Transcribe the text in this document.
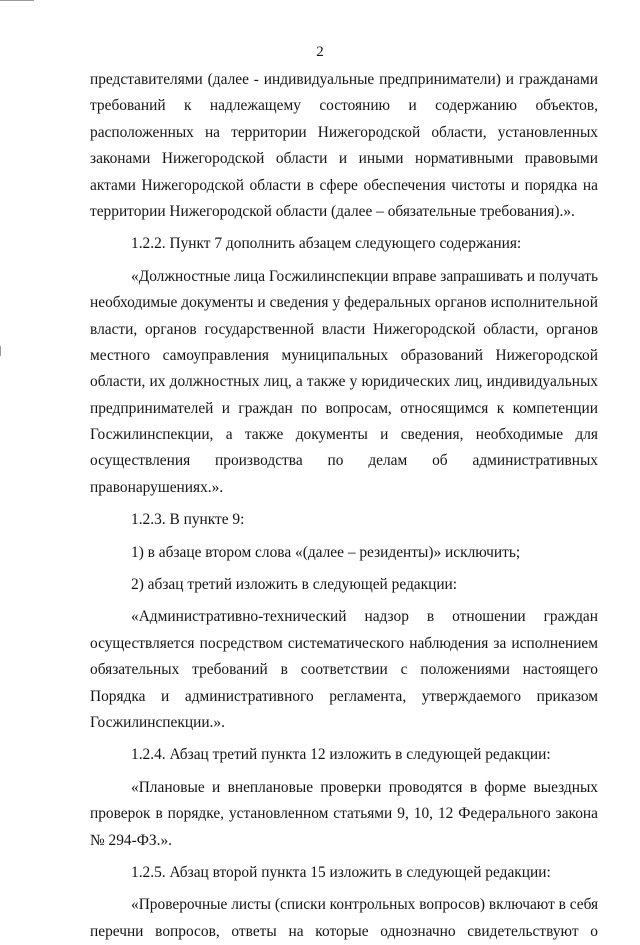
2
представителями (далее - индивидуальные предприниматели) и гражданами
требований к надлежащему состоянию и содержанию объектов,
расположенных на территории Нижегородской области, установленных
законами Нижегородской области и иными нормативными правовыми
актами Нижегородской области в сфере обеспечения чистоты и порядка на
территории Нижегородской области (далее – обязательные требования).».
1.2.2. Пункт 7 дополнить абзацем следующего содержания:
«Должностные лица Госжилинспекции вправе запрашивать и получать
необходимые документы и сведения у федеральных органов исполнительной
власти, органов государственной власти Нижегородской области, органов
местного самоуправления муниципальных образований Нижегородской
области, их должностных лиц, а также у юридических лиц, индивидуальных
предпринимателей и граждан по вопросам, относящимся к компетенции
Госжилинспекции, а также документы и сведения, необходимые для
осуществления производства по делам об административных
правонарушениях.».
1.2.3. В пункте 9:
1) в абзаце втором слова «(далее – резиденты)» исключить;
2) абзац третий изложить в следующей редакции:
«Административно-технический надзор в отношении граждан
осуществляется посредством систематического наблюдения за исполнением
обязательных требований в соответствии с положениями настоящего
Порядка и административного регламента, утверждаемого приказом
Госжилинспекции.».
1.2.4. Абзац третий пункта 12 изложить в следующей редакции:
«Плановые и внеплановые проверки проводятся в форме выездных
проверок в порядке, установленном статьями 9, 10, 12 Федерального закона
№ 294-ФЗ.».
1.2.5. Абзац второй пункта 15 изложить в следующей редакции:
«Проверочные листы (списки контрольных вопросов) включают в себя
перечни вопросов, ответы на которые однозначно свидетельствуют о
